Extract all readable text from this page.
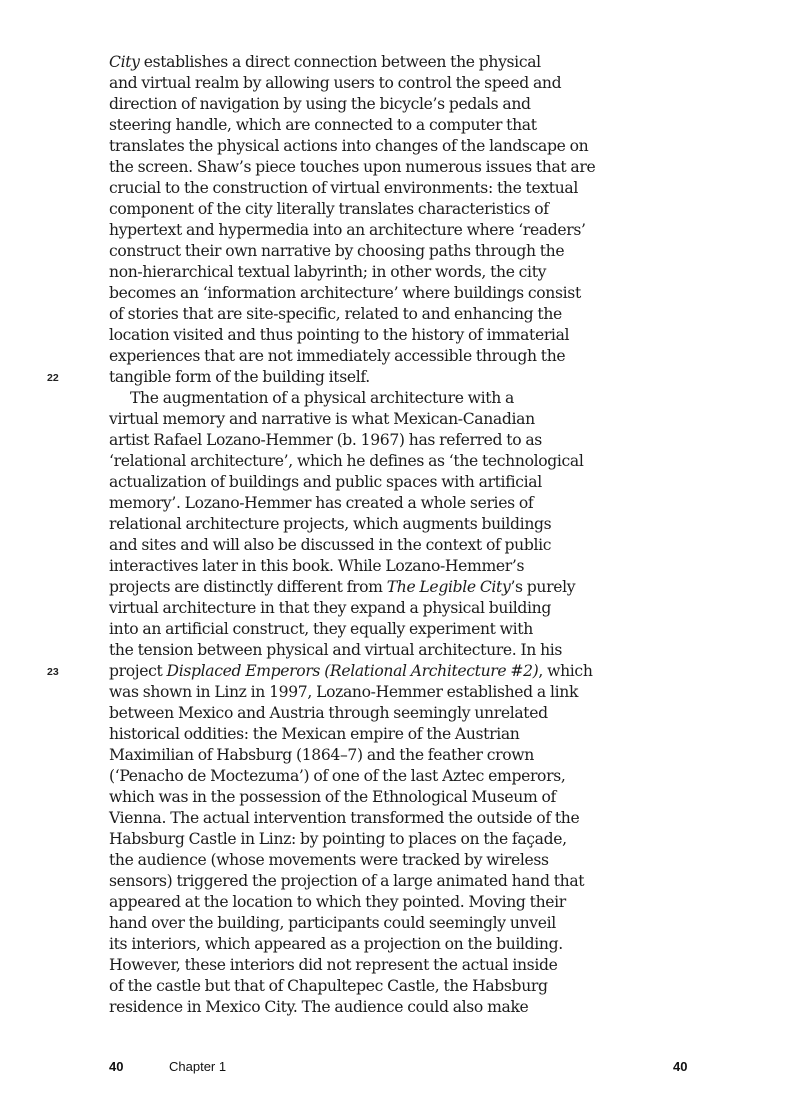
City establishes a direct connection between the physical
and virtual realm by allowing users to control the speed and
direction of navigation by using the bicycle’s pedals and
steering handle, which are connected to a computer that
translates the physical actions into changes of the landscape on
the screen. Shaw’s piece touches upon numerous issues that are
crucial to the construction of virtual environments: the textual
component of the city literally translates characteristics of
hypertext and hypermedia into an architecture where ‘readers’
construct their own narrative by choosing paths through the
non-hierarchical textual labyrinth; in other words, the city
becomes an ‘information architecture’ where buildings consist
of stories that are site-specific, related to and enhancing the
location visited and thus pointing to the history of immaterial
experiences that are not immediately accessible through the
tangible form of the building itself.
The augmentation of a physical architecture with a
virtual memory and narrative is what Mexican-Canadian
artist Rafael Lozano-Hemmer (b. 1967) has referred to as
‘relational architecture’, which he defines as ‘the technological
actualization of buildings and public spaces with artificial
memory’. Lozano-Hemmer has created a whole series of
relational architecture projects, which augments buildings
and sites and will also be discussed in the context of public
interactives later in this book. While Lozano-Hemmer’s
projects are distinctly different from The Legible City’s purely
virtual architecture in that they expand a physical building
into an artificial construct, they equally experiment with
the tension between physical and virtual architecture. In his
project Displaced Emperors (Relational Architecture #2), which
was shown in Linz in 1997, Lozano-Hemmer established a link
between Mexico and Austria through seemingly unrelated
historical oddities: the Mexican empire of the Austrian
Maximilian of Habsburg (1864–7) and the feather crown
(‘Penacho de Moctezuma’) of one of the last Aztec emperors,
which was in the possession of the Ethnological Museum of
Vienna. The actual intervention transformed the outside of the
Habsburg Castle in Linz: by pointing to places on the façade,
the audience (whose movements were tracked by wireless
sensors) triggered the projection of a large animated hand that
appeared at the location to which they pointed. Moving their
hand over the building, participants could seemingly unveil
its interiors, which appeared as a projection on the building.
However, these interiors did not represent the actual inside
of the castle but that of Chapultepec Castle, the Habsburg
residence in Mexico City. The audience could also make
22
23
40	Chapter 1	40
